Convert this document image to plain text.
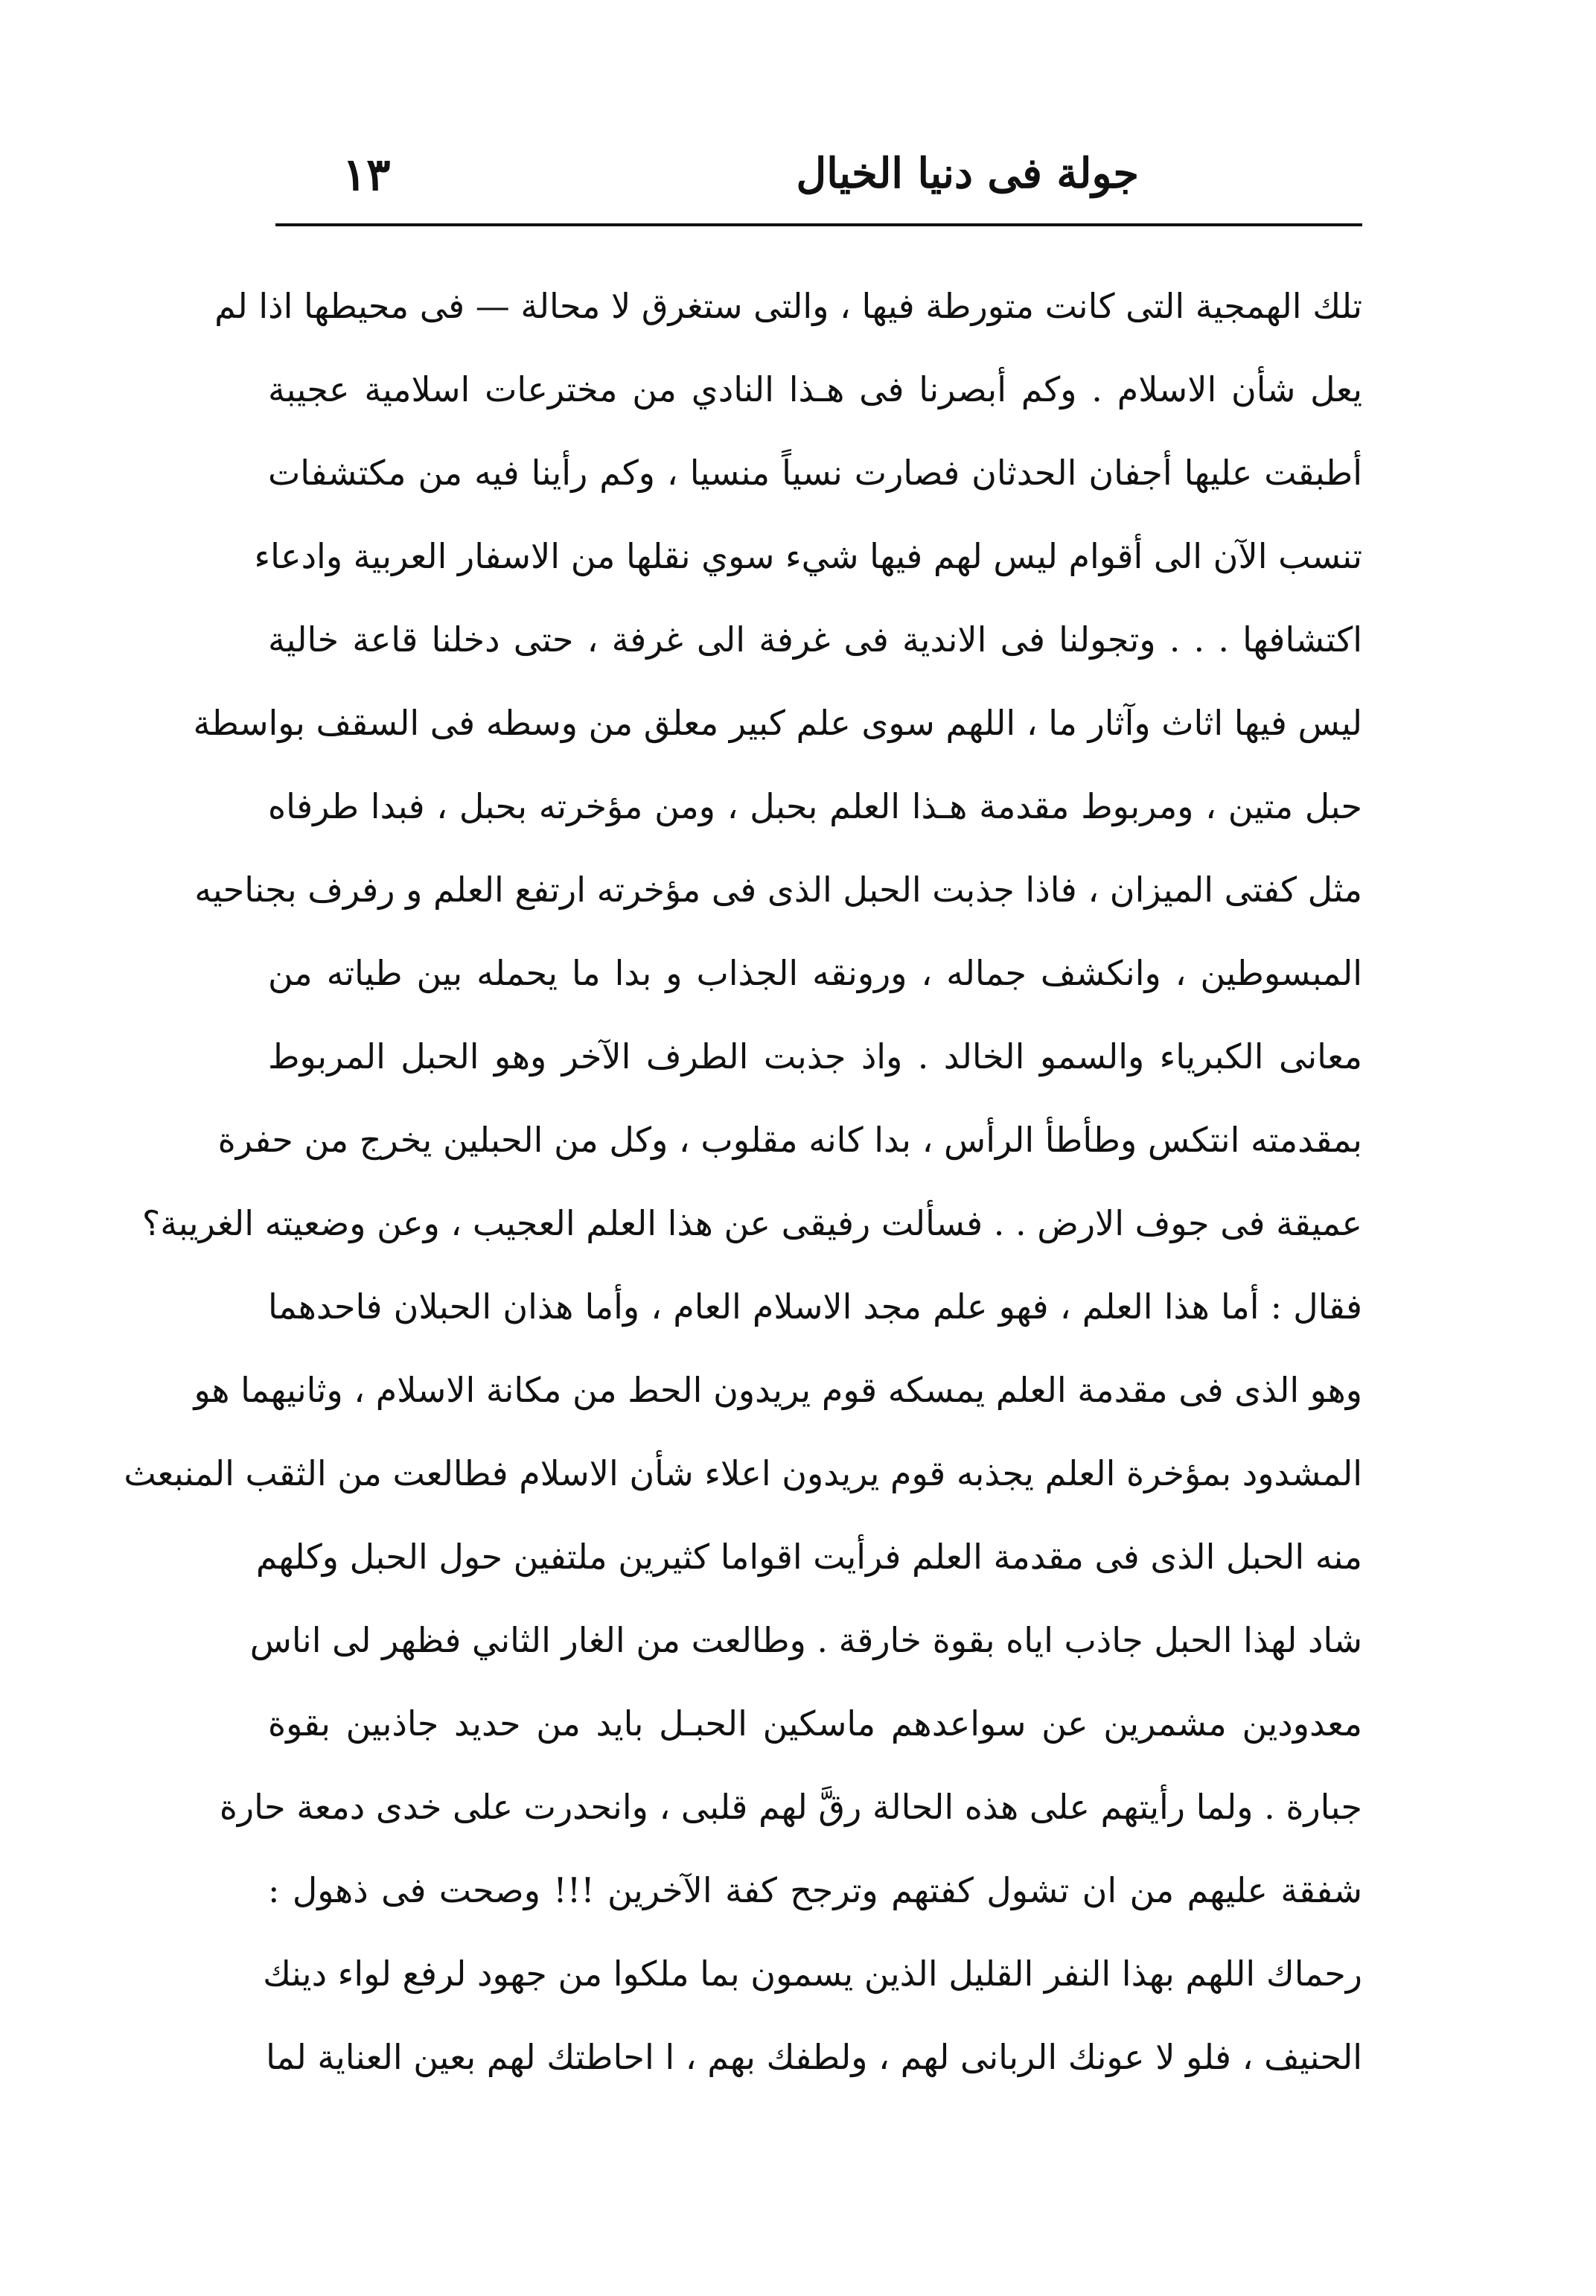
جولة فى دنيا الخيال
١٣
تلك الهمجية التى كانت متورطة فيها ، والتى ستغرق لا محالة — فى محيطها اذا لم
يعل شأن الاسلام . وكم أبصرنا فى هـذا النادي من مخترعات اسلامية عجيبة
أطبقت عليها أجفان الحدثان فصارت نسياً منسيا ، وكم رأينا فيه من مكتشفات
تنسب الآن الى أقوام ليس لهم فيها شيء سوي نقلها من الاسفار العربية وادعاء
اكتشافها . . . وتجولنا فى الاندية فى غرفة الى غرفة ، حتى دخلنا قاعة خالية
ليس فيها اثاث وآثار ما ، اللهم سوى علم كبير معلق من وسطه فى السقف بواسطة
حبل متين ، ومربوط مقدمة هـذا العلم بحبل ، ومن مؤخرته بحبل ، فبدا طرفاه
مثل كفتى الميزان ، فاذا جذبت الحبل الذى فى مؤخرته ارتفع العلم و رفرف بجناحيه
المبسوطين ، وانكشف جماله ، ورونقه الجذاب و بدا ما يحمله بين طياته من
معانى الكبرياء والسمو الخالد . واذ جذبت الطرف الآخر وهو الحبل المربوط
بمقدمته انتكس وطأطأ الرأس ، بدا كانه مقلوب ، وكل من الحبلين يخرج من حفرة
عميقة فى جوف الارض . . فسألت رفيقى عن هذا العلم العجيب ، وعن وضعيته الغريبة؟
فقال : أما هذا العلم ، فهو علم مجد الاسلام العام ، وأما هذان الحبلان فاحدهما
وهو الذى فى مقدمة العلم يمسكه قوم يريدون الحط من مكانة الاسلام ، وثانيهما هو
المشدود بمؤخرة العلم يجذبه قوم يريدون اعلاء شأن الاسلام فطالعت من الثقب المنبعث
منه الحبل الذى فى مقدمة العلم فرأيت اقواما كثيرين ملتفين حول الحبل وكلهم
شاد لهذا الحبل جاذب اياه بقوة خارقة . وطالعت من الغار الثاني فظهر لى اناس
معدودين مشمرين عن سواعدهم ماسكين الحبـل بايد من حديد جاذبين بقوة
جبارة . ولما رأيتهم على هذه الحالة رقَّ لهم قلبى ، وانحدرت على خدى دمعة حارة
شفقة عليهم من ان تشول كفتهم وترجح كفة الآخرين !!! وصحت فى ذهول :
رحماك اللهم بهذا النفر القليل الذين يسمون بما ملكوا من جهود لرفع لواء دينك
الحنيف ، فلو لا عونك الربانى لهم ، ولطفك بهم ، ا احاطتك لهم بعين العناية لما
